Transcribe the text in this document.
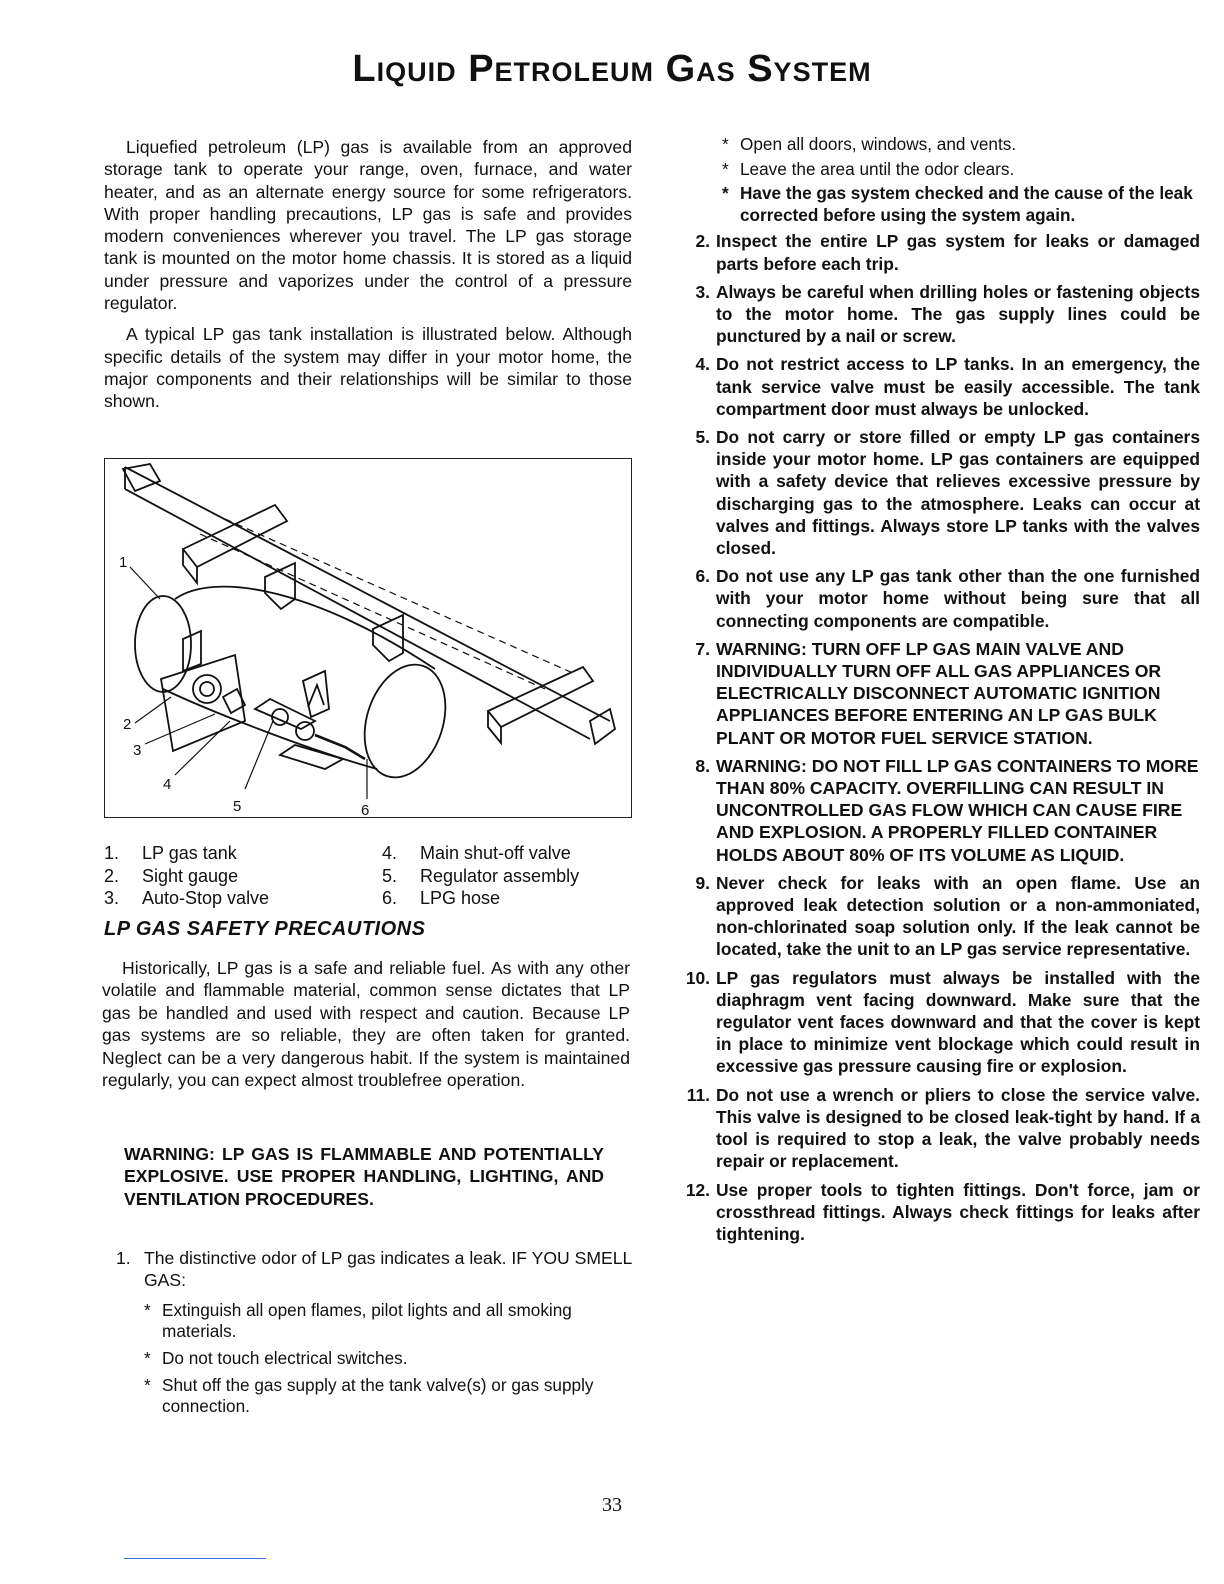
Liquid Petroleum Gas System

Liquefied petroleum (LP) gas is available from an approved storage tank to operate your range, oven, furnace, and water heater, and as an alternate energy source for some refrigerators. With proper handling precautions, LP gas is safe and provides modern conveniences wherever you travel. The LP gas storage tank is mounted on the motor home chassis. It is stored as a liquid under pressure and vaporizes under the control of a pressure regulator.

A typical LP gas tank installation is illustrated below. Although specific details of the system may differ in your motor home, the major components and their relationships will be similar to those shown.

1
2
3
4
5	6
1. LP gas tank
2. Sight gauge
3. Auto-Stop valve
4. Main shut-off valve
5. Regulator assembly
6. LPG hose
LP GAS SAFETY PRECAUTIONS

Historically, LP gas is a safe and reliable fuel. As with any other volatile and flammable material, common sense dictates that LP gas be handled and used with respect and caution. Because LP gas systems are so reliable, they are often taken for granted. Neglect can be a very dangerous habit. If the system is maintained regularly, you can expect almost troublefree operation.

WARNING: LP GAS IS FLAMMABLE AND POTENTIALLY EXPLOSIVE. USE PROPER HANDLING, LIGHTING, AND VENTILATION PROCEDURES.

1. The distinctive odor of LP gas indicates a leak. IF YOU SMELL GAS:

* Extinguish all open flames, pilot lights and all smoking materials.
* Do not touch electrical switches.
* Shut off the gas supply at the tank valve(s) or gas supply connection.
* Open all doors, windows, and vents.
* Leave the area until the odor clears.
* Have the gas system checked and the cause of the leak corrected before using the system again.
2. Inspect the entire LP gas system for leaks or damaged parts before each trip.
3. Always be careful when drilling holes or fastening objects to the motor home. The gas supply lines could be punctured by a nail or screw.
4. Do not restrict access to LP tanks. In an emergency, the tank service valve must be easily accessible. The tank compartment door must always be unlocked.
5. Do not carry or store filled or empty LP gas containers inside your motor home. LP gas containers are equipped with a safety device that relieves excessive pressure by discharging gas to the atmosphere. Leaks can occur at valves and fittings. Always store LP tanks with the valves closed.
6. Do not use any LP gas tank other than the one furnished with your motor home without being sure that all connecting components are compatible.
7. WARNING: TURN OFF LP GAS MAIN VALVE AND INDIVIDUALLY TURN OFF ALL GAS APPLIANCES OR ELECTRICALLY DISCONNECT AUTOMATIC IGNITION APPLIANCES BEFORE ENTERING AN LP GAS BULK PLANT OR MOTOR FUEL SERVICE STATION.
8. WARNING: DO NOT FILL LP GAS CONTAINERS TO MORE THAN 80% CAPACITY. OVERFILLING CAN RESULT IN UNCONTROLLED GAS FLOW WHICH CAN CAUSE FIRE AND EXPLOSION. A PROPERLY FILLED CONTAINER HOLDS ABOUT 80% OF ITS VOLUME AS LIQUID.
9. Never check for leaks with an open flame. Use an approved leak detection solution or a non-ammoniated, non-chlorinated soap solution only. If the leak cannot be located, take the unit to an LP gas service representative.
10. LP gas regulators must always be installed with the diaphragm vent facing downward. Make sure that the regulator vent faces downward and that the cover is kept in place to minimize vent blockage which could result in excessive gas pressure causing fire or explosion.
11. Do not use a wrench or pliers to close the service valve. This valve is designed to be closed leak-tight by hand. If a tool is required to stop a leak, the valve probably needs repair or replacement.
12. Use proper tools to tighten fittings. Don't force, jam or crossthread fittings. Always check fittings for leaks after tightening.
33
